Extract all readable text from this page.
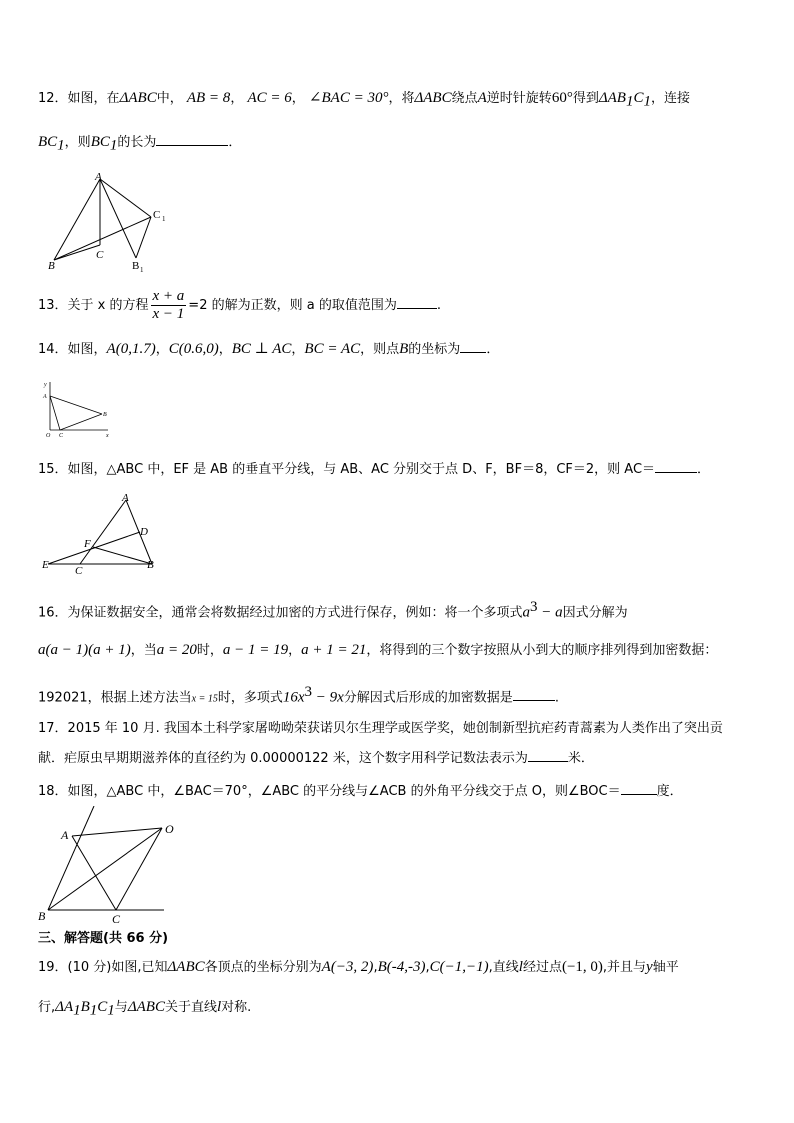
12．如图，在ΔABC中， AB = 8， AC = 6， ∠BAC = 30°，将ΔABC绕点A逆时针旋转60°得到$\Delta AB_1C_1$，连接
$BC_1$，则$BC_1$的长为	．
A
C 1
B
C
B 1
13．关于 x 的方程 $\frac{x + a}{x - 1} =2$ 的解为正数，则 a 的取值范围为	.
14．如图，A(0,1.7)，C(0.6,0)，BC ⊥ AC，BC = AC，则点B的坐标为 ．
y
A
B
O C	x
15．如图，△ABC 中，EF 是 AB 的垂直平分线，与 AB、AC 分别交于点 D、F，BF＝8，CF＝2，则 AC＝	．
A
D
F
E C	B
16．为保证数据安全，通常会将数据经过加密的方式进行保存，例如：将一个多项式$a^3 - a$因式分解为
a(a − 1)(a + 1)，当a = 20时，a − 1 = 19，a + 1 = 21，将得到的三个数字按照从小到大的顺序排列得到加密数据：
192021，根据上述方法当x = 15时，多项式$16x^3 - 9x$分解因式后形成的加密数据是	.
17．2015 年 10 月. 我国本土科学家屠呦呦荣获诺贝尔生理学或医学奖，她创制新型抗疟药青蒿素为人类作出了突出贡
献．疟原虫早期期滋养体的直径约为 0.00000122 米，这个数字用科学记数法表示为	米．
18．如图，△ABC 中，∠BAC＝70°，∠ABC 的平分线与∠ACB 的外角平分线交于点 O，则∠BOC＝	度．
A	O
B	C
三、解答题(共 66 分)
19．(10 分)如图,已知ΔABC各顶点的坐标分别为A(−3, 2),B(-4,-3),C(−1,−1),直线l经过点(−1, 0),并且与y轴平
行$,\Delta A_1B_1C_1$与ΔABC关于直线l对称.
